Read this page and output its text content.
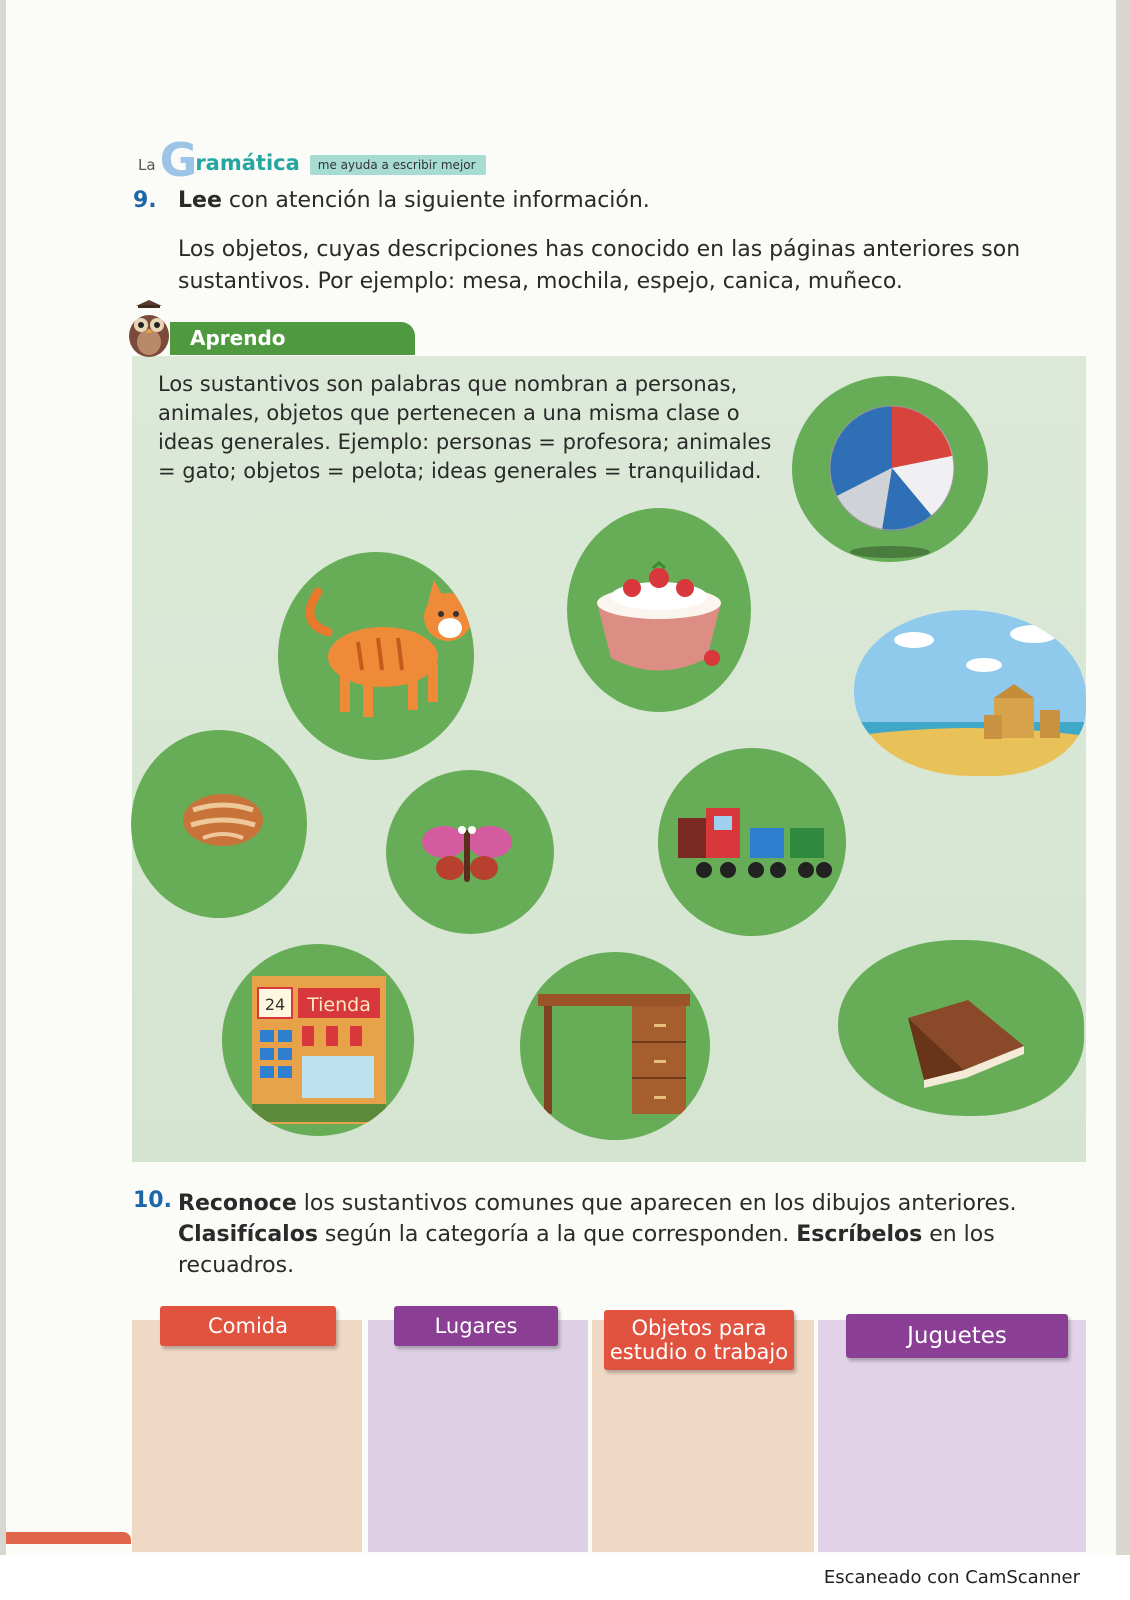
La G
ramática	me ayuda a escribir mejor
9. Lee con atención la siguiente información.
Los objetos, cuyas descripciones has conocido en las páginas anteriores son sustantivos. Por ejemplo: mesa, mochila, espejo, canica, muñeco.
Aprendo
Los sustantivos son palabras que nombran a personas, animales, objetos que pertenecen a una misma clase o ideas generales. Ejemplo: personas = profesora; animales = gato; objetos = pelota; ideas generales = tranquilidad.
24 Tienda
10. Reconoce los sustantivos comunes que aparecen en los dibujos anteriores. Clasifícalos según la categoría a la que corresponden. Escríbelos en los recuadros.
Comida	Lugares	Objetos para estudio o trabajo
Juguetes
Escaneado con CamScanner
